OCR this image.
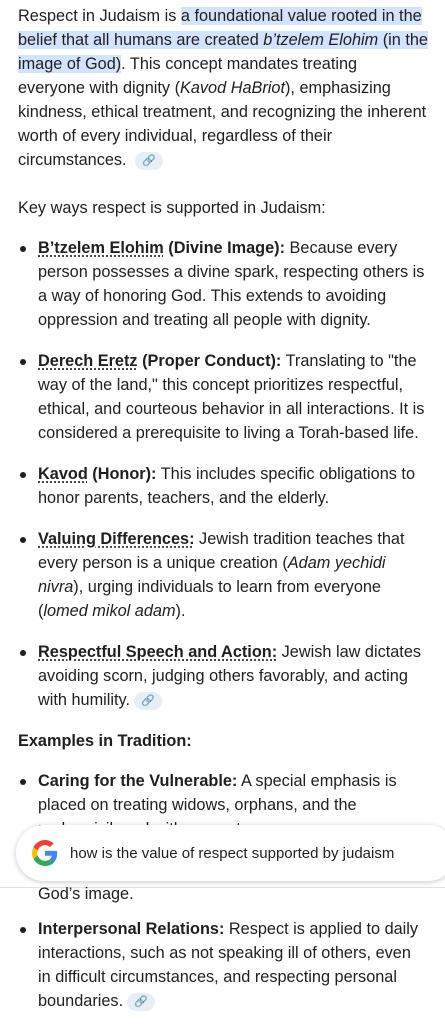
Respect in Judaism is a foundational value rooted in the belief that all humans are created b’tzelem Elohim (in the image of God). This concept mandates treating everyone with dignity (Kavod HaBriot), emphasizing kindness, ethical treatment, and recognizing the inherent worth of every individual, regardless of their circumstances. 🔗

Key ways respect is supported in Judaism:

B’tzelem Elohim (Divine Image): Because every person possesses a divine spark, respecting others is a way of honoring God. This extends to avoiding oppression and treating all people with dignity.
Derech Eretz (Proper Conduct): Translating to "the way of the land," this concept prioritizes respectful, ethical, and courteous behavior in all interactions. It is considered a prerequisite to living a Torah-based life.
Kavod (Honor): This includes specific obligations to honor parents, teachers, and the elderly.
Valuing Differences: Jewish tradition teaches that every person is a unique creation (Adam yechidi nivra), urging individuals to learn from everyone (lomed mikol adam).
Respectful Speech and Action: Jewish law dictates avoiding scorn, judging others favorably, and acting with humility. 🔗
Examples in Tradition:
Caring for the Vulnerable: A special emphasis is placed on treating widows, orphans, and the
how is the value of respect supported by judaism
God’s image.
Interpersonal Relations: Respect is applied to daily interactions, such as not speaking ill of others, even in difficult circumstances, and respecting personal boundaries. 🔗
